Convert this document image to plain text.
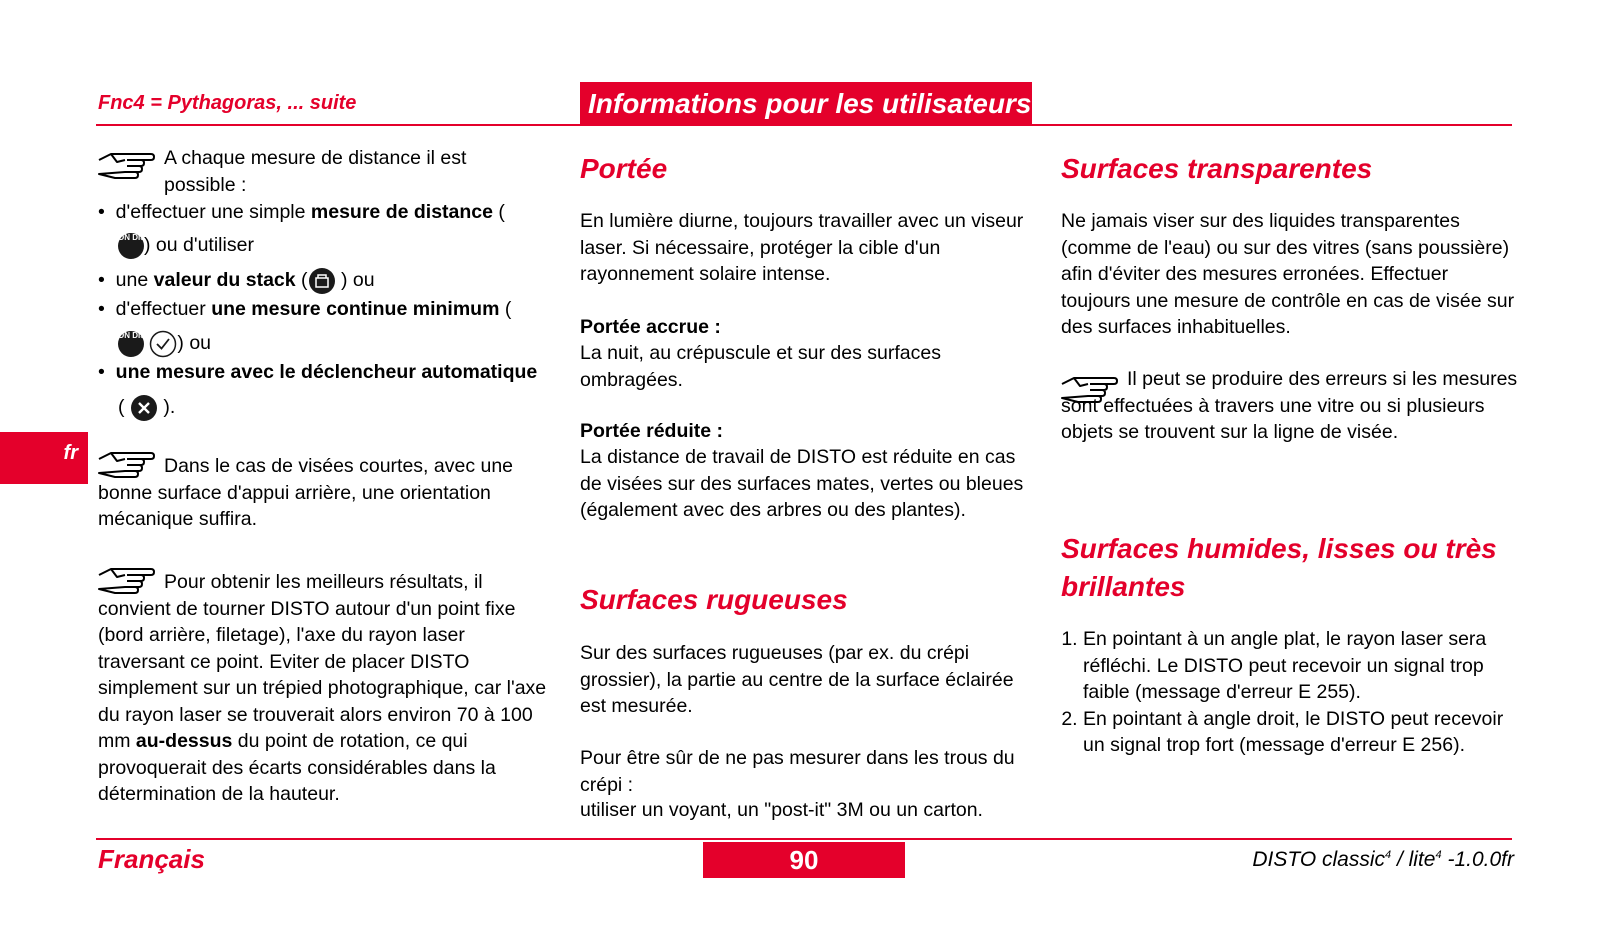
Fnc4 = Pythagoras, ... suite	Informations pour les utilisateurs
fr
A chaque mesure de distance il est possible :
•  d'effectuer une simple mesure de distance (
ON DIST) ou d'utiliser
•  une valeur du stack ( ) ou
•  d'effectuer une mesure continue minimum (
ON DIST ) ou
•  une mesure avec le déclencheur automatique
( ).
Dans le cas de visées courtes, avec une bonne surface d'appui arrière, une orientation mécanique suffira.
Pour obtenir les meilleurs résultats, il convient de tourner DISTO autour d'un point fixe (bord arrière, filetage), l'axe du rayon laser traversant ce point. Eviter de placer DISTO simplement sur un trépied photographique, car l'axe du rayon laser se trouverait alors environ 70 à 100 mm au-dessus du point de rotation, ce qui provoquerait des écarts considérables dans la détermination de la hauteur.
Portée
En lumière diurne, toujours travailler avec un viseur laser. Si nécessaire, protéger la cible d'un rayonnement solaire intense.
Portée accrue :
La nuit, au crépuscule et sur des surfaces ombragées.
Portée réduite :
La distance de travail de DISTO est réduite en cas de visées sur des surfaces mates, vertes ou bleues (également avec des arbres ou des plantes).
Surfaces rugueuses
Sur des surfaces rugueuses (par ex. du crépi grossier), la partie au centre de la surface éclairée est mesurée.
Pour être sûr de ne pas mesurer dans les trous du crépi :
utiliser un voyant, un "post-it" 3M ou un carton.
Surfaces transparentes
Ne jamais viser sur des liquides transparentes (comme de l'eau) ou sur des vitres (sans poussière) afin d'éviter des mesures erronées. Effectuer toujours une mesure de contrôle en cas de visée sur des surfaces inhabituelles.
Il peut se produire des erreurs si les mesures sont effectuées à travers une vitre ou si plusieurs objets se trouvent sur la ligne de visée.
Surfaces humides, lisses ou très brillantes
1. En pointant à un angle plat, le rayon laser sera réfléchi. Le DISTO peut recevoir un signal trop faible (message d'erreur E 255).
2. En pointant à angle droit, le DISTO peut recevoir un signal trop fort (message d'erreur E 256).
Français	90	DISTO classic$^4$ / lite$^4$ -1.0.0fr
